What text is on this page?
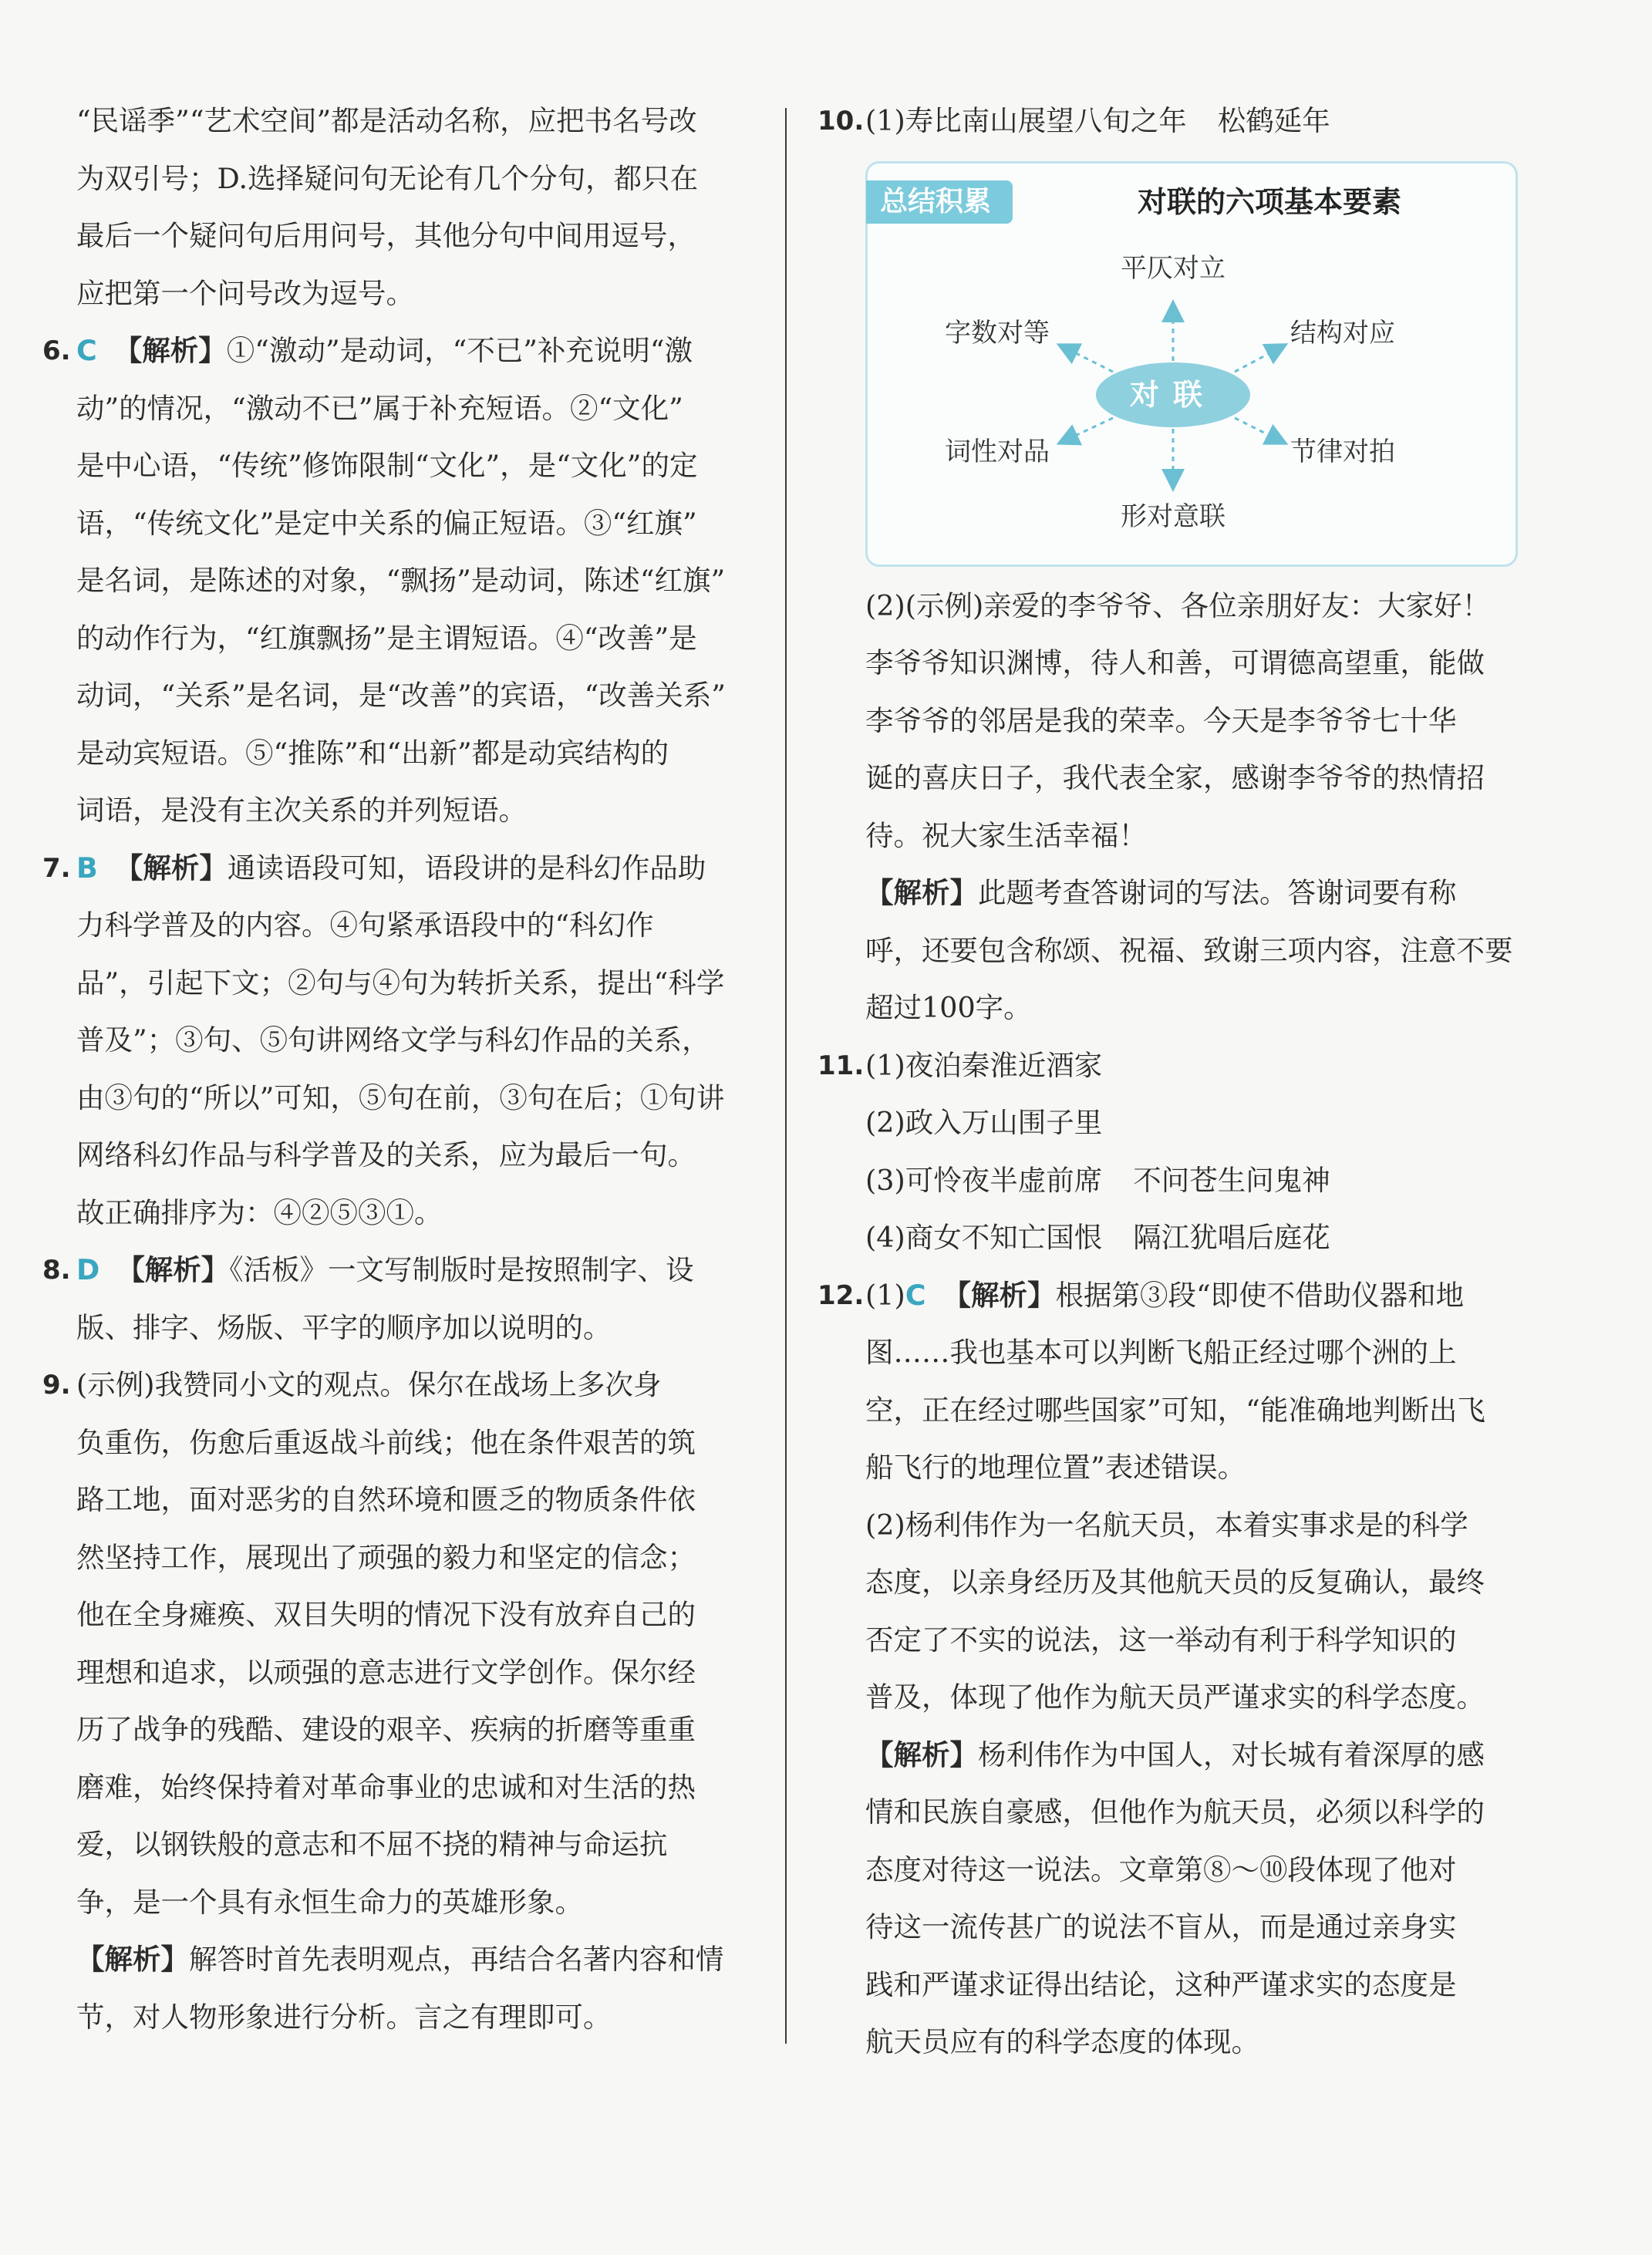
“民谣季”“艺术空间”都是活动名称，应把书名号改
为双引号；D.选择疑问句无论有几个分句，都只在
最后一个疑问句后用问号，其他分句中间用逗号，
应把第一个问号改为逗号。
6. C 【解析】①“激动”是动词，“不已”补充说明“激
动”的情况，“激动不已”属于补充短语。②“文化”
是中心语，“传统”修饰限制“文化”，是“文化”的定
语，“传统文化”是定中关系的偏正短语。③“红旗”
是名词，是陈述的对象，“飘扬”是动词，陈述“红旗”
的动作行为，“红旗飘扬”是主谓短语。④“改善”是
动词，“关系”是名词，是“改善”的宾语，“改善关系”
是动宾短语。⑤“推陈”和“出新”都是动宾结构的
词语，是没有主次关系的并列短语。
7. B 【解析】通读语段可知，语段讲的是科幻作品助
力科学普及的内容。④句紧承语段中的“科幻作
品”，引起下文；②句与④句为转折关系，提出“科学
普及”；③句、⑤句讲网络文学与科幻作品的关系，
由③句的“所以”可知，⑤句在前，③句在后；①句讲
网络科幻作品与科学普及的关系，应为最后一句。
故正确排序为：④②⑤③①。
8. D 【解析】《活板》一文写制版时是按照制字、设
版、排字、炀版、平字的顺序加以说明的。
9. (示例)我赞同小文的观点。保尔在战场上多次身
负重伤，伤愈后重返战斗前线；他在条件艰苦的筑
路工地，面对恶劣的自然环境和匮乏的物质条件依
然坚持工作，展现出了顽强的毅力和坚定的信念；
他在全身瘫痪、双目失明的情况下没有放弃自己的
理想和追求，以顽强的意志进行文学创作。保尔经
历了战争的残酷、建设的艰辛、疾病的折磨等重重
磨难，始终保持着对革命事业的忠诚和对生活的热
爱，以钢铁般的意志和不屈不挠的精神与命运抗
争，是一个具有永恒生命力的英雄形象。
【解析】解答时首先表明观点，再结合名著内容和情
节，对人物形象进行分析。言之有理即可。
10. (1)寿比南山展望八旬之年 松鹤延年
总结积累	对联的六项基本要素
对联
平仄对立
字数对等	结构对应
词性对品	节律对拍
形对意联
(2)(示例)亲爱的李爷爷、各位亲朋好友：大家好！
李爷爷知识渊博，待人和善，可谓德高望重，能做
李爷爷的邻居是我的荣幸。今天是李爷爷七十华
诞的喜庆日子，我代表全家，感谢李爷爷的热情招
待。祝大家生活幸福！
【解析】此题考查答谢词的写法。答谢词要有称
呼，还要包含称颂、祝福、致谢三项内容，注意不要
超过100字。
11. (1)夜泊秦淮近酒家
(2)政入万山围子里
(3)可怜夜半虚前席 不问苍生问鬼神
(4)商女不知亡国恨 隔江犹唱后庭花
12. (1)C 【解析】根据第③段“即使不借助仪器和地
图……我也基本可以判断飞船正经过哪个洲的上
空，正在经过哪些国家”可知，“能准确地判断出飞
船飞行的地理位置”表述错误。
(2)杨利伟作为一名航天员，本着实事求是的科学
态度，以亲身经历及其他航天员的反复确认，最终
否定了不实的说法，这一举动有利于科学知识的
普及，体现了他作为航天员严谨求实的科学态度。
【解析】杨利伟作为中国人，对长城有着深厚的感
情和民族自豪感，但他作为航天员，必须以科学的
态度对待这一说法。文章第⑧～⑩段体现了他对
待这一流传甚广的说法不盲从，而是通过亲身实
践和严谨求证得出结论，这种严谨求实的态度是
航天员应有的科学态度的体现。
